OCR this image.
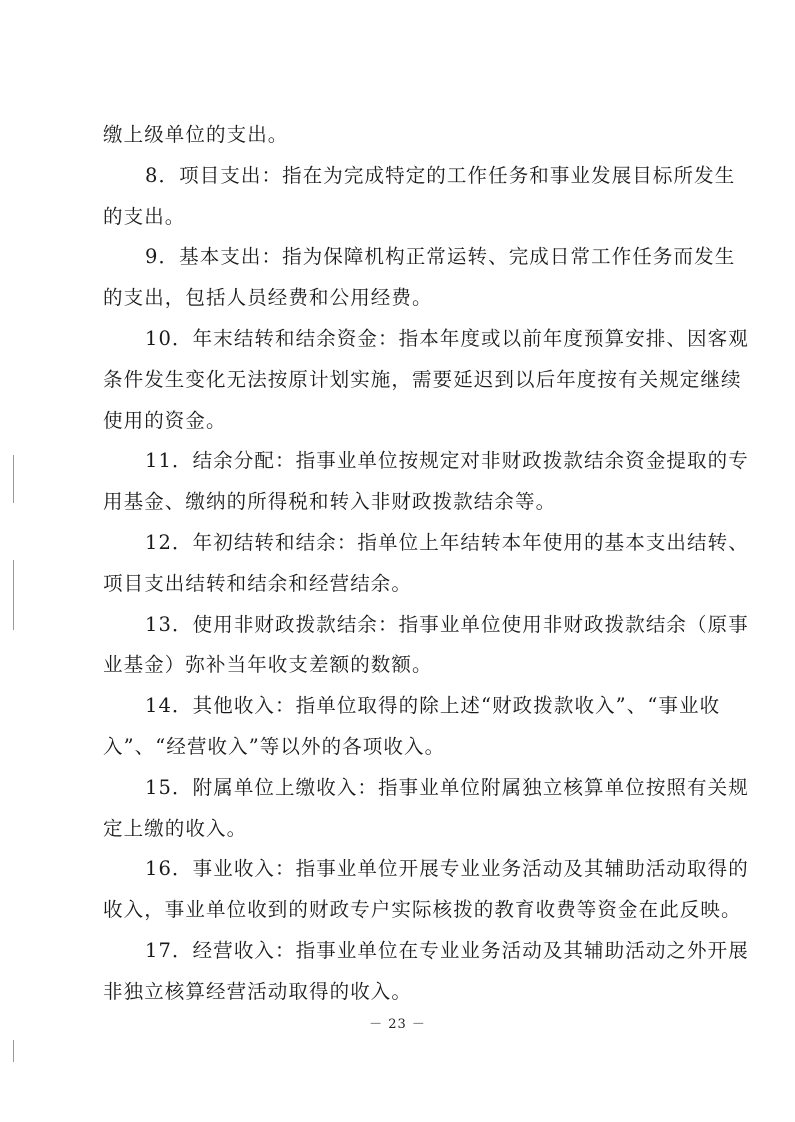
缴上级单位的支出。
8．项目支出：指在为完成特定的工作任务和事业发展目标所发生
的支出。
9．基本支出：指为保障机构正常运转、完成日常工作任务而发生
的支出，包括人员经费和公用经费。
10．年末结转和结余资金：指本年度或以前年度预算安排、因客观
条件发生变化无法按原计划实施，需要延迟到以后年度按有关规定继续
使用的资金。
11．结余分配：指事业单位按规定对非财政拨款结余资金提取的专
用基金、缴纳的所得税和转入非财政拨款结余等。
12．年初结转和结余：指单位上年结转本年使用的基本支出结转、
项目支出结转和结余和经营结余。
13．使用非财政拨款结余：指事业单位使用非财政拨款结余（原事
业基金）弥补当年收支差额的数额。
14．其他收入：指单位取得的除上述“财政拨款收入”、“事业收
入”、“经营收入”等以外的各项收入。
15．附属单位上缴收入：指事业单位附属独立核算单位按照有关规
定上缴的收入。
16．事业收入：指事业单位开展专业业务活动及其辅助活动取得的
收入，事业单位收到的财政专户实际核拨的教育收费等资金在此反映。
17．经营收入：指事业单位在专业业务活动及其辅助活动之外开展
非独立核算经营活动取得的收入。
－ 23 －
